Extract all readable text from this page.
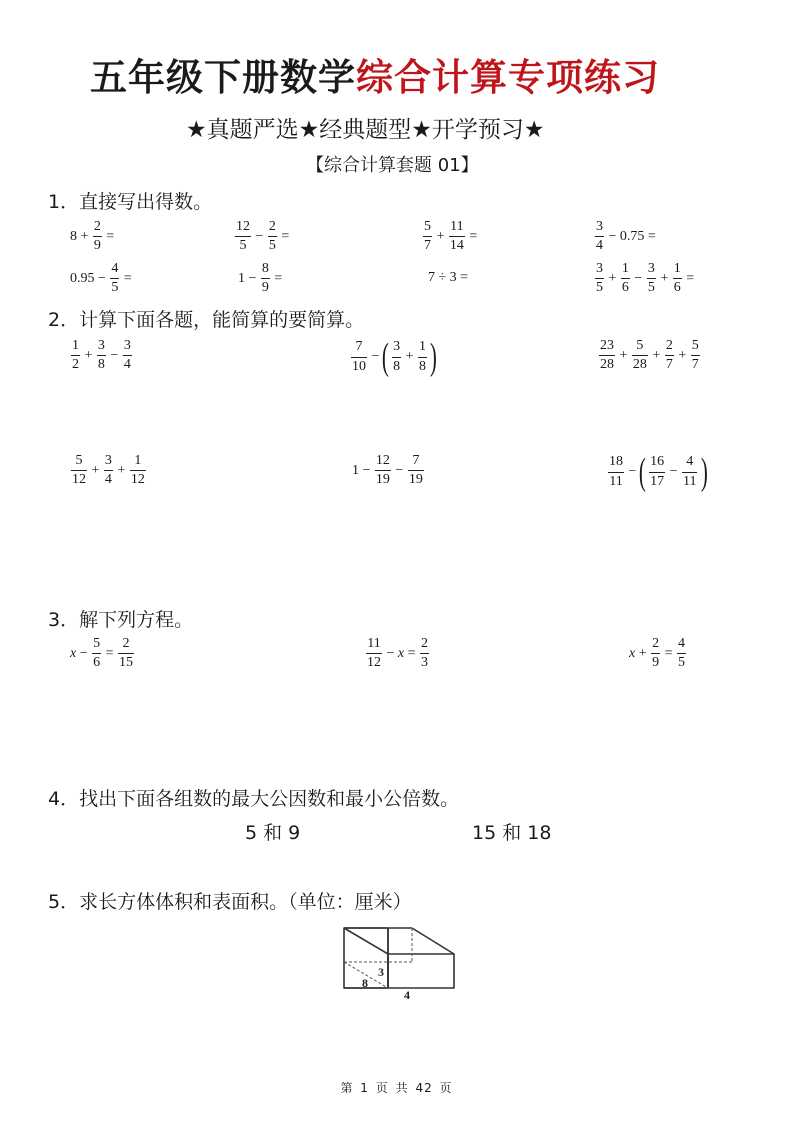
五年级下册数学综合计算专项练习
★真题严选★经典题型★开学预习★
【综合计算套题 01】
1．直接写出得数。
$8 + \frac{2}{9}$ =	$\frac{12}{5} - \frac{2}{5}$ =	$\frac{5}{7} + \frac{11}{14}$ =	$\frac{3}{4} - 0.75$ =
$0.95 - \frac{4}{5}$ =	$1 - \frac{8}{9}$ =	7 ÷ 3 =	$\frac{3}{5} + \frac{1}{6} - \frac{3}{5} + \frac{1}{6}$ =
2．计算下面各题，能简算的要简算。
$\frac{1}{2} + \frac{3}{8} - \frac{3}{4}$	$\frac{7}{10}$ − ( $\frac{3}{8} + \frac{1}{8}$ )	$\frac{23}{28} + \frac{5}{28} + \frac{2}{7} + \frac{5}{7}$
$\frac{5}{12} + \frac{3}{4} + \frac{1}{12}$	$1 - \frac{12}{19} - \frac{7}{19}$	$\frac{18}{11}$ − ( $\frac{16}{17} - \frac{4}{11}$ )
3．解下列方程。
$x - \frac{5}{6} = \frac{2}{15}$	$\frac{11}{12} - x = \frac{2}{3}$	$x + \frac{2}{9} = \frac{4}{5}$
4．找出下面各组数的最大公因数和最小公倍数。
5 和 9	15 和 18
5．求长方体体积和表面积。（单位：厘米）
3
8
4
第 1 页 共 42 页
